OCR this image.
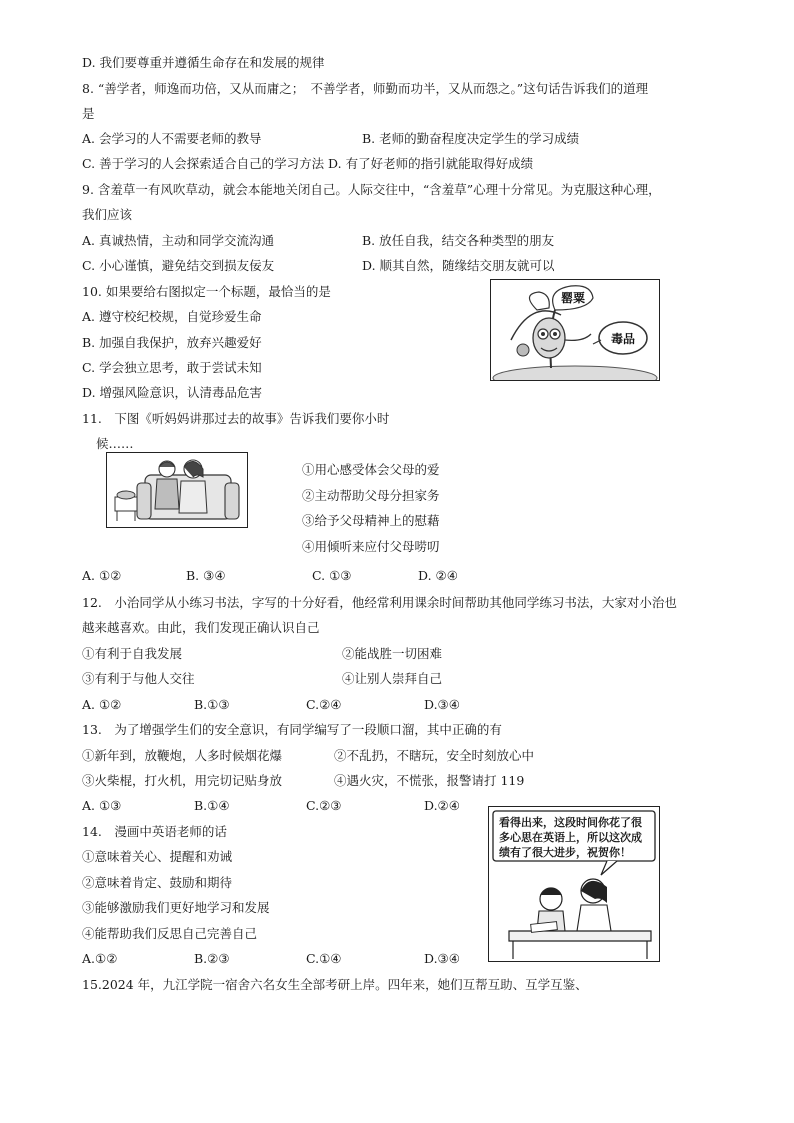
D. 我们要尊重并遵循生命存在和发展的规律
8. “善学者，师逸而功倍，又从而庸之；　不善学者，师勤而功半，又从而怨之。”这句话告诉我们的道理
是
A. 会学习的人不需要老师的教导	B. 老师的勤奋程度决定学生的学习成绩
C. 善于学习的人会探索适合自己的学习方法 D. 有了好老师的指引就能取得好成绩
9. 含羞草一有风吹草动，就会本能地关闭自己。人际交往中，“含羞草”心理十分常见。为克服这种心理，
我们应该
A. 真诚热情，主动和同学交流沟通	B. 放任自我，结交各种类型的朋友
C. 小心谨慎，避免结交到损友佞友	D. 顺其自然，随缘结交朋友就可以
10. 如果要给右图拟定一个标题，最恰当的是
A. 遵守校纪校规，自觉珍爱生命
B. 加强自我保护，放弃兴趣爱好
C. 学会独立思考，敢于尝试未知
D. 增强风险意识，认清毒品危害
罂粟
毒品
11.　下图《听妈妈讲那过去的故事》告诉我们要你小时
候……
①用心感受体会父母的爱
②主动帮助父母分担家务
③给予父母精神上的慰藉
④用倾听来应付父母唠叨
A. ①②	B. ③④	C. ①③	D. ②④
12.　小治同学从小练习书法，字写的十分好看，他经常利用课余时间帮助其他同学练习书法，大家对小治也
越来越喜欢。由此，我们发现正确认识自己
①有利于自我发展	②能战胜一切困难
③有利于与他人交往	④让别人崇拜自己
A. ①②	B.①③	C.②④	D.③④
13.　为了增强学生们的安全意识，有同学编写了一段顺口溜，其中正确的有
①新年到，放鞭炮，人多时候烟花爆	②不乱扔，不瞎玩，安全时刻放心中
③火柴棍，打火机，用完切记贴身放	④遇火灾，不慌张，报警请打 119
A. ①③	B.①④	C.②③	D.②④
14.　漫画中英语老师的话
①意味着关心、提醒和劝诫
②意味着肯定、鼓励和期待
③能够激励我们更好地学习和发展
④能帮助我们反思自己完善自己
A.①②	B.②③	C.①④	D.③④
看得出来，这段时间你花了很
多心思在英语上，所以这次成
绩有了很大进步，祝贺你！
15.2024 年，九江学院一宿舍六名女生全部考研上岸。四年来，她们互帮互助、互学互鉴、
